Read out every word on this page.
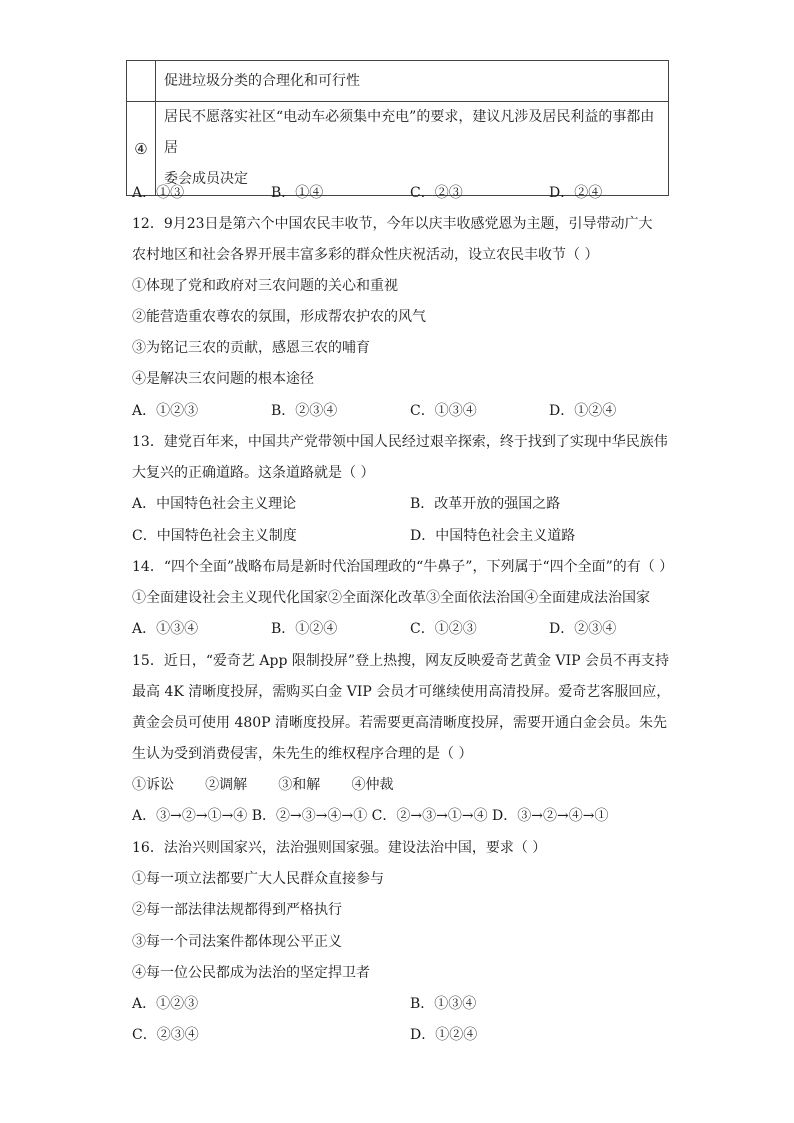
	促进垃圾分类的合理化和可行性
④	居民不愿落实社区“电动车必须集中充电”的要求，建议凡涉及居民利益的事都由居
委会成员决定
A．①③	B．①④	C．②③	D．②④
12．9月23日是第六个中国农民丰收节，今年以庆丰收感党恩为主题，引导带动广大
农村地区和社会各界开展丰富多彩的群众性庆祝活动，设立农民丰收节（ ）
①体现了党和政府对三农问题的关心和重视
②能营造重农尊农的氛围，形成帮农护农的风气
③为铭记三农的贡献，感恩三农的哺育
④是解决三农问题的根本途径
A．①②③	B．②③④	C．①③④	D．①②④
13．建党百年来，中国共产党带领中国人民经过艰辛探索，终于找到了实现中华民族伟
大复兴的正确道路。这条道路就是（ ）
A．中国特色社会主义理论	B．改革开放的强国之路
C．中国特色社会主义制度	D．中国特色社会主义道路
14．“四个全面”战略布局是新时代治国理政的“牛鼻子”，下列属于“四个全面”的有（ ）
①全面建设社会主义现代化国家②全面深化改革③全面依法治国④全面建成法治国家
A．①③④	B．①②④	C．①②③	D．②③④
15．近日，“爱奇艺 App 限制投屏”登上热搜，网友反映爱奇艺黄金 VIP 会员不再支持
最高 4K 清晰度投屏，需购买白金 VIP 会员才可继续使用高清投屏。爱奇艺客服回应，
黄金会员可使用 480P 清晰度投屏。若需要更高清晰度投屏，需要开通白金会员。朱先
生认为受到消费侵害，朱先生的维权程序合理的是（ ）
①诉讼       ②调解       ③和解       ④仲裁
A．③→②→①→④ B．②→③→④→① C．②→③→①→④ D．③→②→④→①
16．法治兴则国家兴，法治强则国家强。建设法治中国，要求（ ）
①每一项立法都要广大人民群众直接参与
②每一部法律法规都得到严格执行
③每一个司法案件都体现公平正义
④每一位公民都成为法治的坚定捍卫者
A．①②③	B．①③④
C．②③④	D．①②④
